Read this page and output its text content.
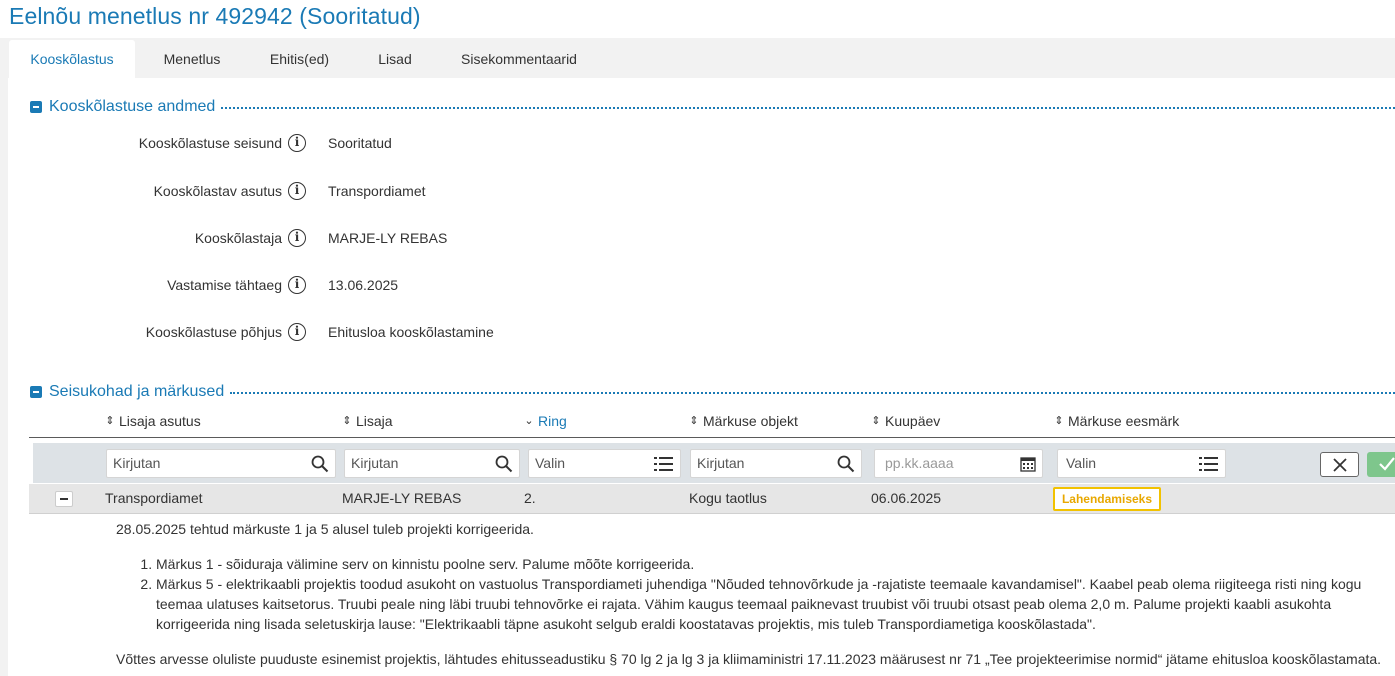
Eelnõu menetlus nr 492942 (Sooritatud)
Kooskõlastus	Menetlus	Ehitis(ed)	Lisad	Sisekommentaarid
Kooskõlastuse andmed
Kooskõlastuse seisund	i	Sooritatud
Kooskõlastav asutus	i	Transpordiamet
Kooskõlastaja	i	MARJE-LY REBAS
Vastamise tähtaeg	i	13.06.2025
Kooskõlastuse põhjus	i	Ehitusloa kooskõlastamine
Seisukohad ja märkused
⇕ Lisaja asutus	⇕ Lisaja	⌄ Ring	⇕ Märkuse objekt	⇕ Kuupäev	⇕ Märkuse eesmärk
Kirjutan	Kirjutan	Valin	Kirjutan	pp.kk.aaaa	Valin
Transpordiamet	MARJE-LY REBAS	2.	Kogu taotlus	06.06.2025	Lahendamiseks
28.05.2025 tehtud märkuste 1 ja 5 alusel tuleb projekti korrigeerida.
1. Märkus 1 - sõiduraja välimine serv on kinnistu poolne serv. Palume mõõte korrigeerida.
2. Märkus 5 - elektrikaabli projektis toodud asukoht on vastuolus Transpordiameti juhendiga "Nõuded tehnovõrkude ja -rajatiste teemaale kavandamisel". Kaabel peab olema riigiteega risti ning kogu teemaa ulatuses kaitsetorus. Truubi peale ning läbi truubi tehnovõrke ei rajata. Vähim kaugus teemaal paiknevast truubist või truubi otsast peab olema 2,0 m. Palume projekti kaabli asukohta korrigeerida ning lisada seletuskirja lause: "Elektrikaabli täpne asukoht selgub eraldi koostatavas projektis, mis tuleb Transpordiametiga kooskõlastada".
Võttes arvesse oluliste puuduste esinemist projektis, lähtudes ehitusseadustiku § 70 lg 2 ja lg 3 ja kliimaministri 17.11.2023 määrusest nr 71 „Tee projekteerimise normid“ jätame ehitusloa kooskõlastamata.
